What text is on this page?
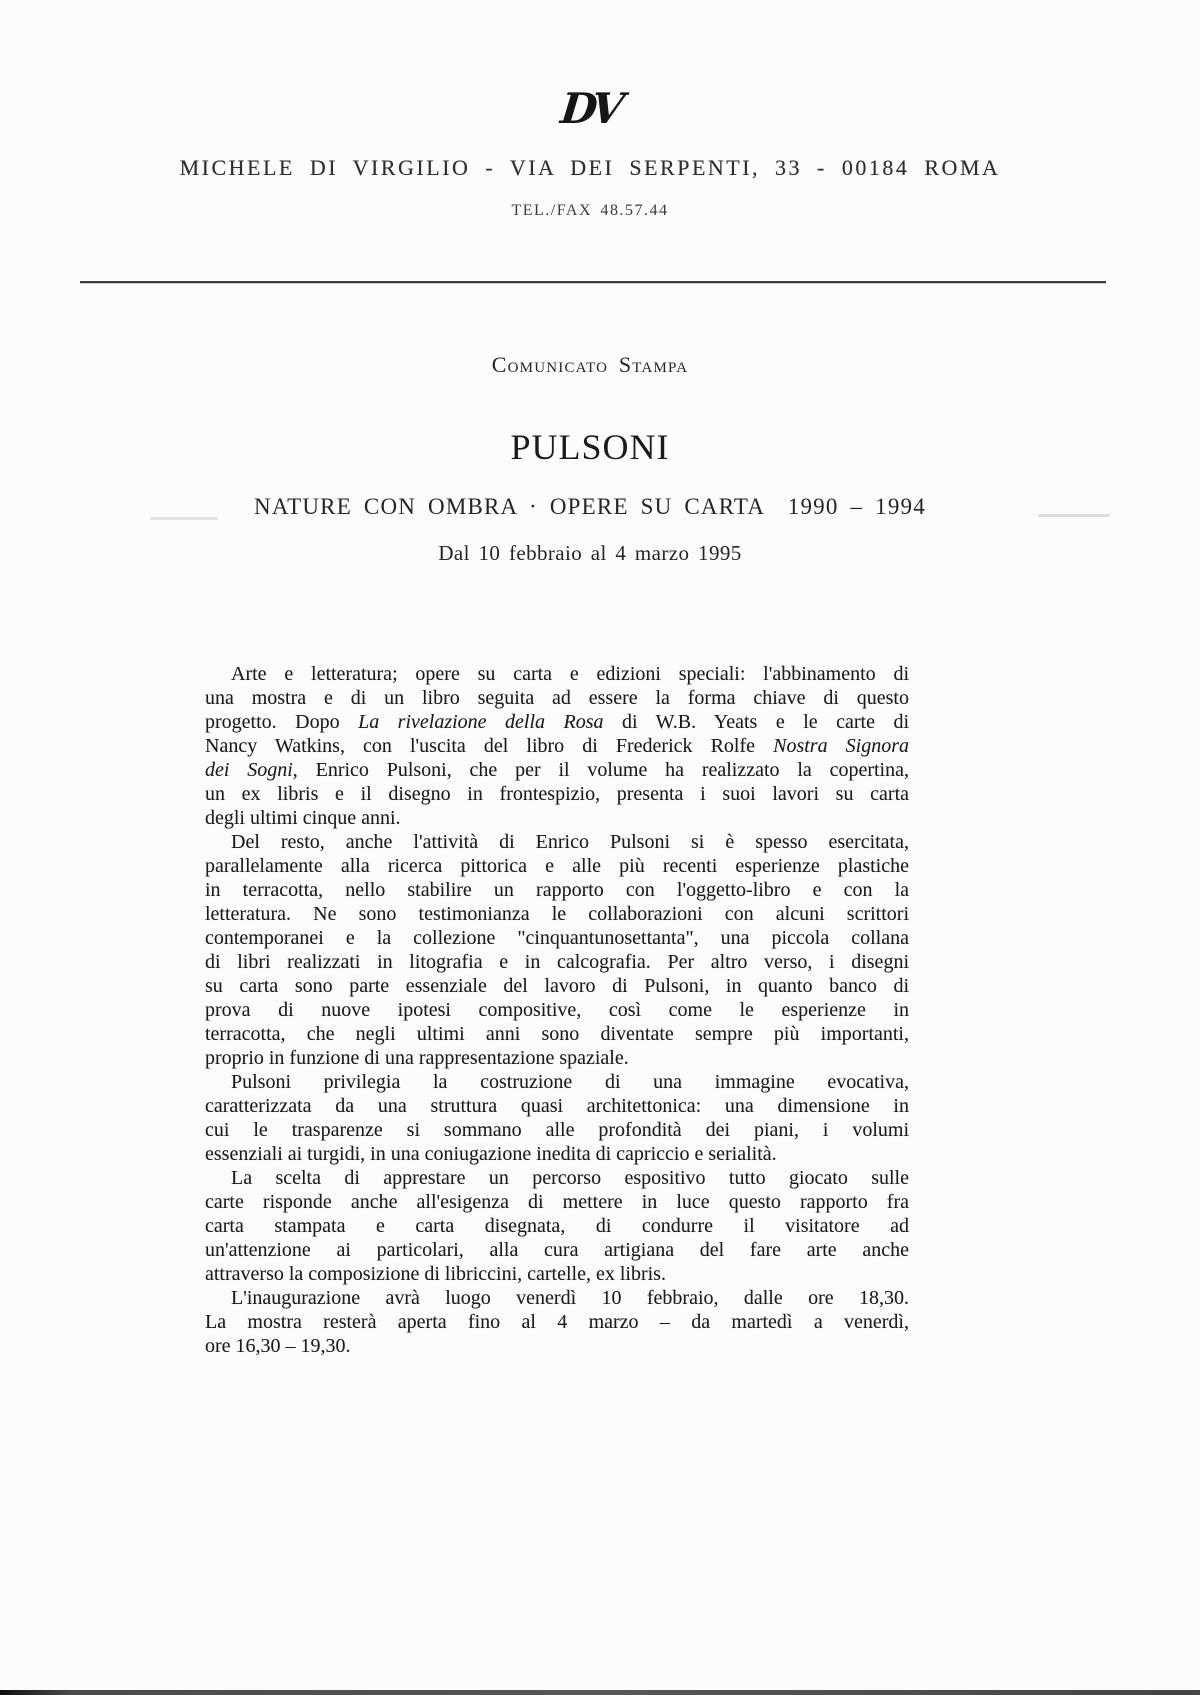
DV
MICHELE DI VIRGILIO - VIA DEI SERPENTI, 33 - 00184 ROMA
TEL./FAX 48.57.44
Comunicato Stampa
PULSONI
NATURE CON OMBRA · OPERE SU CARTA  1990 – 1994
Dal 10 febbraio al 4 marzo 1995
Arte e letteratura; opere su carta e edizioni speciali: l'abbinamento di
una mostra e di un libro seguita ad essere la forma chiave di questo
progetto. Dopo La rivelazione della Rosa di W.B. Yeats e le carte di
Nancy Watkins, con l'uscita del libro di Frederick Rolfe Nostra Signora
dei Sogni, Enrico Pulsoni, che per il volume ha realizzato la copertina,
un ex libris e il disegno in frontespizio, presenta i suoi lavori su carta
degli ultimi cinque anni.
Del resto, anche l'attività di Enrico Pulsoni si è spesso esercitata,
parallelamente alla ricerca pittorica e alle più recenti esperienze plastiche
in terracotta, nello stabilire un rapporto con l'oggetto-libro e con la
letteratura. Ne sono testimonianza le collaborazioni con alcuni scrittori
contemporanei e la collezione "cinquantunosettanta", una piccola collana
di libri realizzati in litografia e in calcografia. Per altro verso, i disegni
su carta sono parte essenziale del lavoro di Pulsoni, in quanto banco di
prova di nuove ipotesi compositive, così come le esperienze in
terracotta, che negli ultimi anni sono diventate sempre più importanti,
proprio in funzione di una rappresentazione spaziale.
Pulsoni privilegia la costruzione di una immagine evocativa,
caratterizzata da una struttura quasi architettonica: una dimensione in
cui le trasparenze si sommano alle profondità dei piani, i volumi
essenziali ai turgidi, in una coniugazione inedita di capriccio e serialità.
La scelta di apprestare un percorso espositivo tutto giocato sulle
carte risponde anche all'esigenza di mettere in luce questo rapporto fra
carta stampata e carta disegnata, di condurre il visitatore ad
un'attenzione ai particolari, alla cura artigiana del fare arte anche
attraverso la composizione di libriccini, cartelle, ex libris.
L'inaugurazione avrà luogo venerdì 10 febbraio, dalle ore 18,30.
La mostra resterà aperta fino al 4 marzo – da martedì a venerdì,
ore 16,30 – 19,30.
